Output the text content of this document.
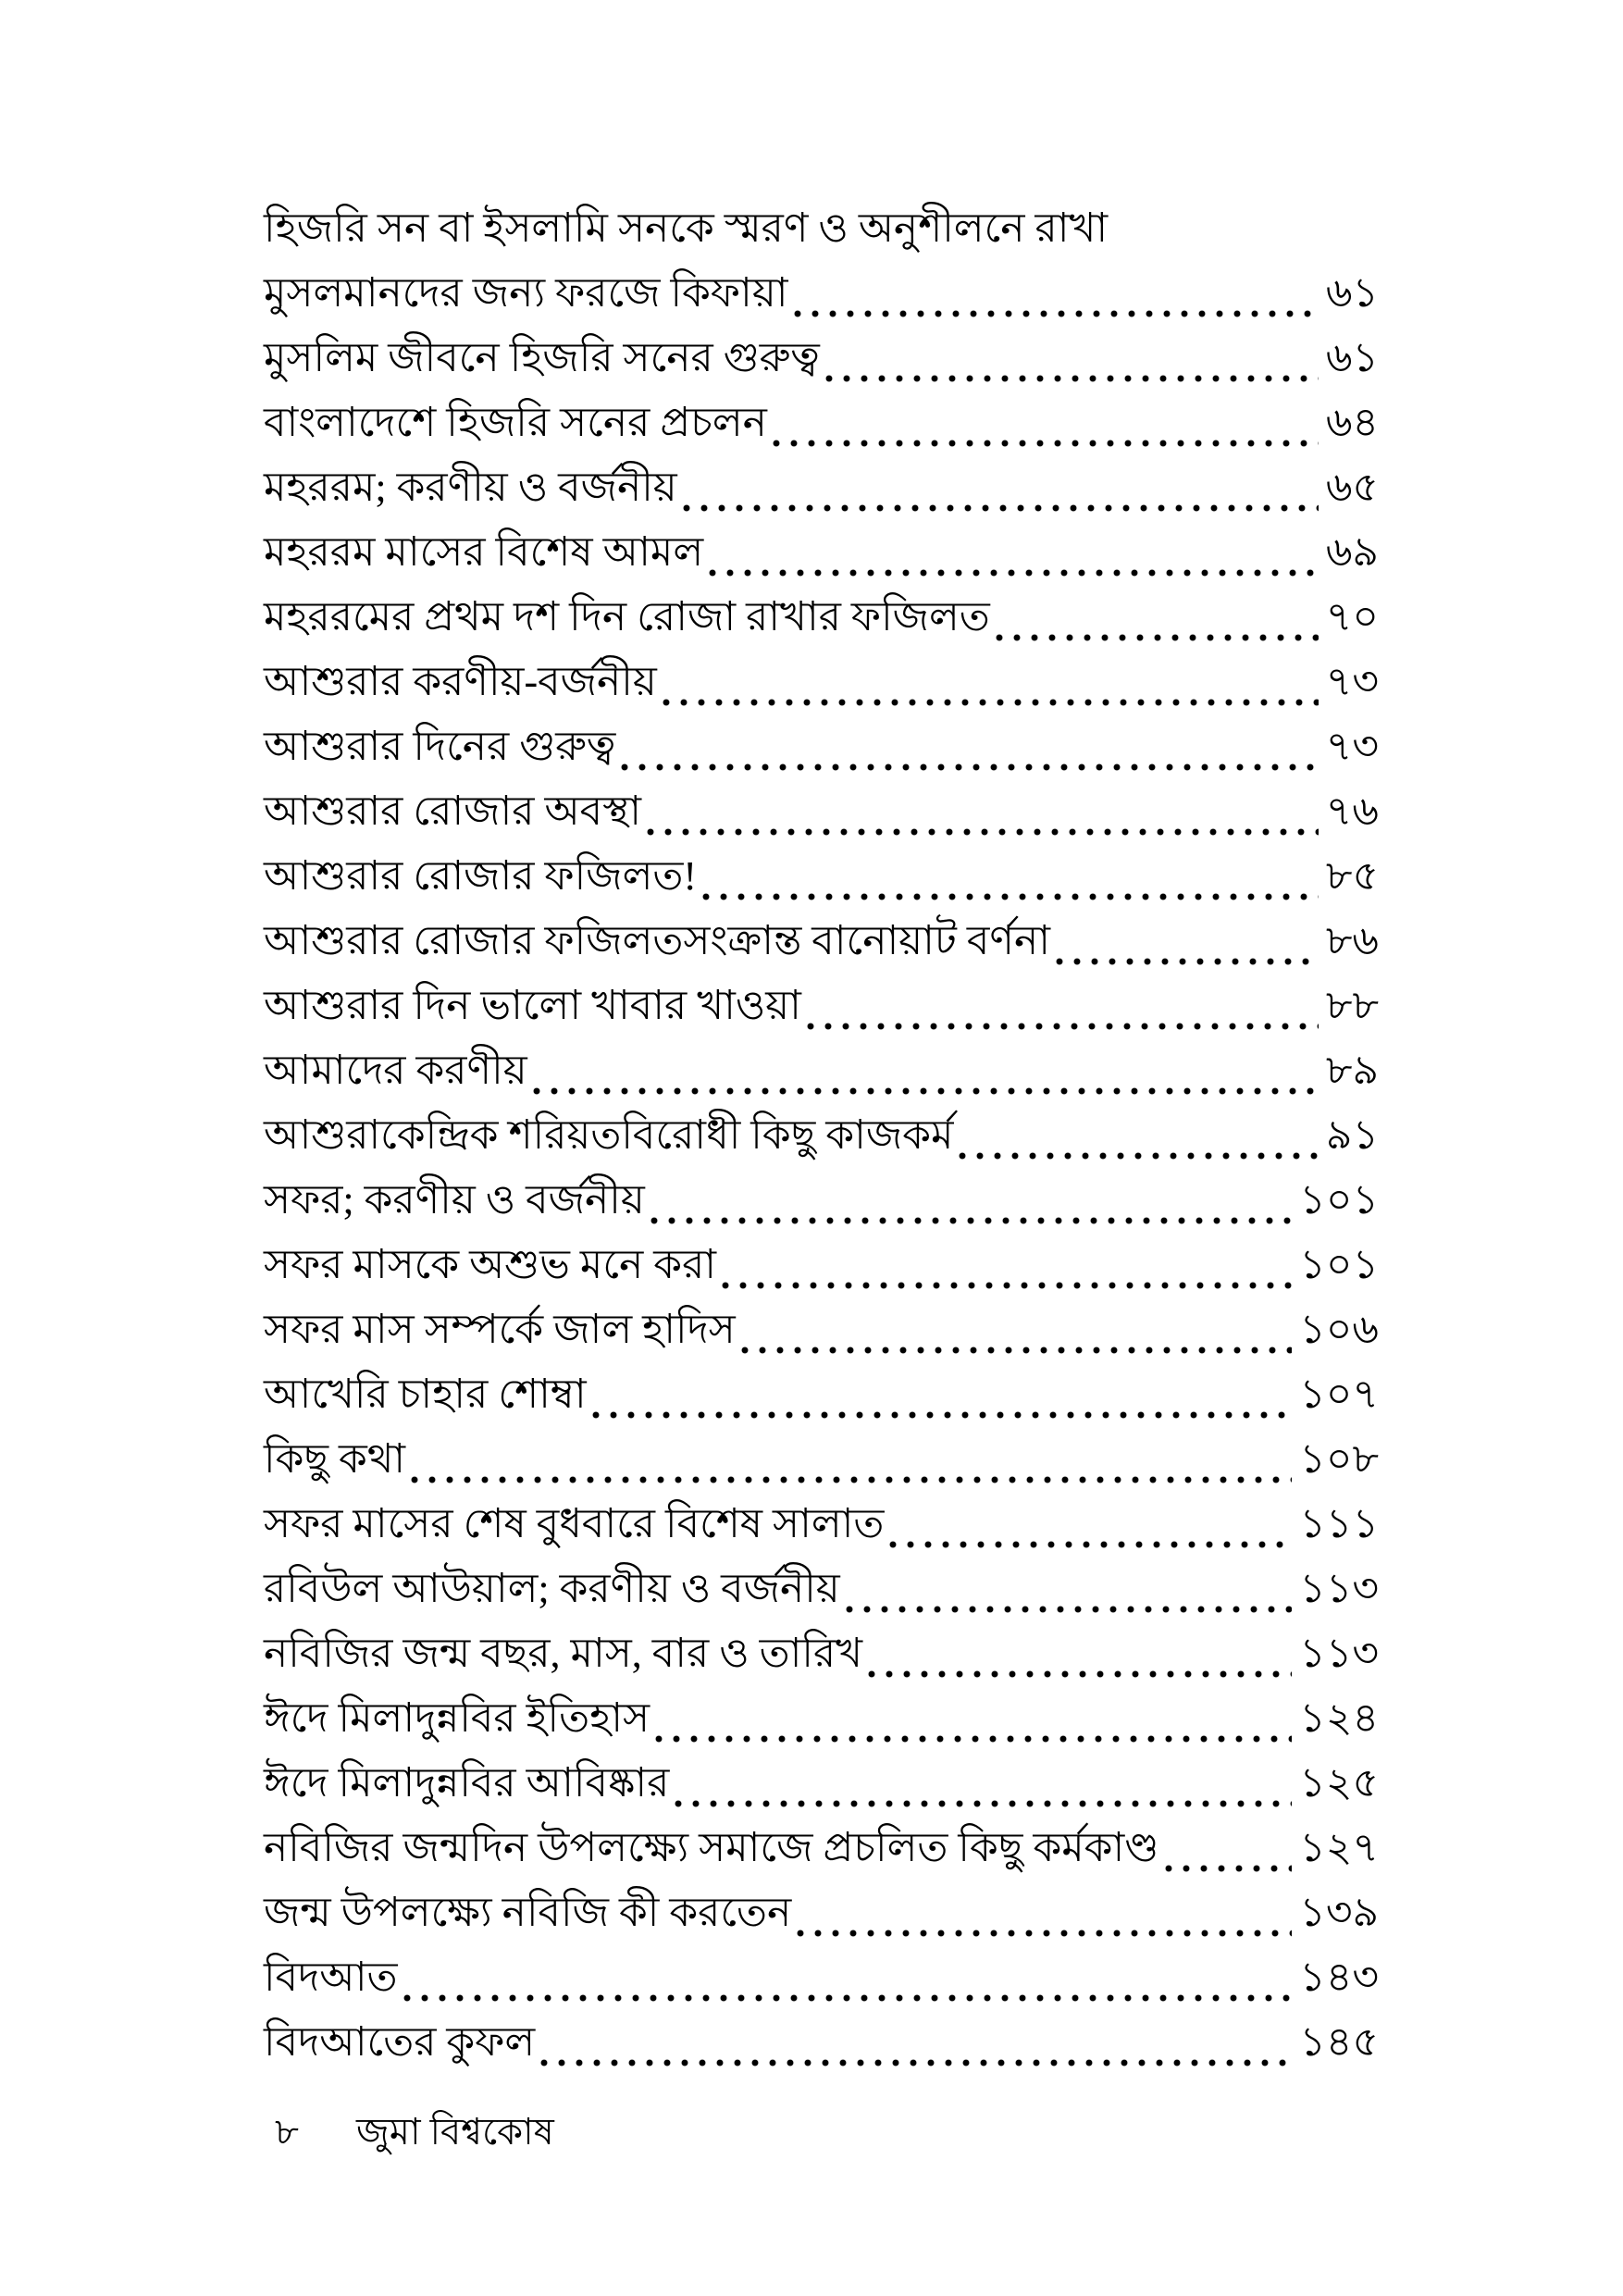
হিজরি সন বা ইসলামি সনকে স্মরণ ও অনুশীলনে রাখা
মুসলমানদের জন্য ফরজে কিফায়া	৬১
মুসলিম জীবনে হিজরি সনের গুরুত্ব	৬১
বাংলাদেশে হিজরি সনের প্রচলন	৬৪
মহররম; করণীয় ও বর্জনীয়	৬৫
মহররম মাসের বিশেষ আমল	৬৯
মহররমের প্রথম দশ দিন রোজা রাখার ফজিলত	৭০
আশুরার করণীয়-বর্জনীয়	৭৩
আশুরার দিনের গুরুত্ব	৭৩
আশুরার রোজার অবস্থা	৭৬
আশুরার রোজার ফজিলত!	৮৫
আশুরার রোজার ফজিলতসংক্রান্ত বানোয়াট বর্ণনা	৮৬
আশুরার দিন ভালো খাবার খাওয়া	৮৮
আমাদের করণীয়	৮৯
আশুরাকেন্দ্রিক শরিয়তবিরোধী কিছু কাজকর্ম	৯১
সফর; করণীয় ও বর্জনীয়	১০১
সফর মাসকে অশুভ মনে করা	১০১
সফর মাস সম্পর্কে জাল হাদিস	১০৬
আখেরি চাহার শোম্বা	১০৭
কিছু কথা	১০৮
সফর মাসের শেষ বুধবারে বিশেষ সালাত	১১১
রবিউল আউয়াল; করণীয় ও বর্জনীয়	১১৩
নবিজির জন্ম বছর, মাস, বার ও তারিখ	১১৩
ঈদে মিলাদুন্নবির ইতিহাস	১২৪
ঈদে মিলাদুন্নবির আবিষ্কার	১২৫
নবিজির জন্মদিন উপলক্ষ্যে সমাজে প্রচলিত কিছু কর্মকাণ্ড	১২৭
জন্ম উপলক্ষ্যে নবিজি কী করতেন	১৩৯
বিদআত	১৪৩
বিদআতের কুফল	১৪৫
৮ জুমা বিশ্বকোষ
